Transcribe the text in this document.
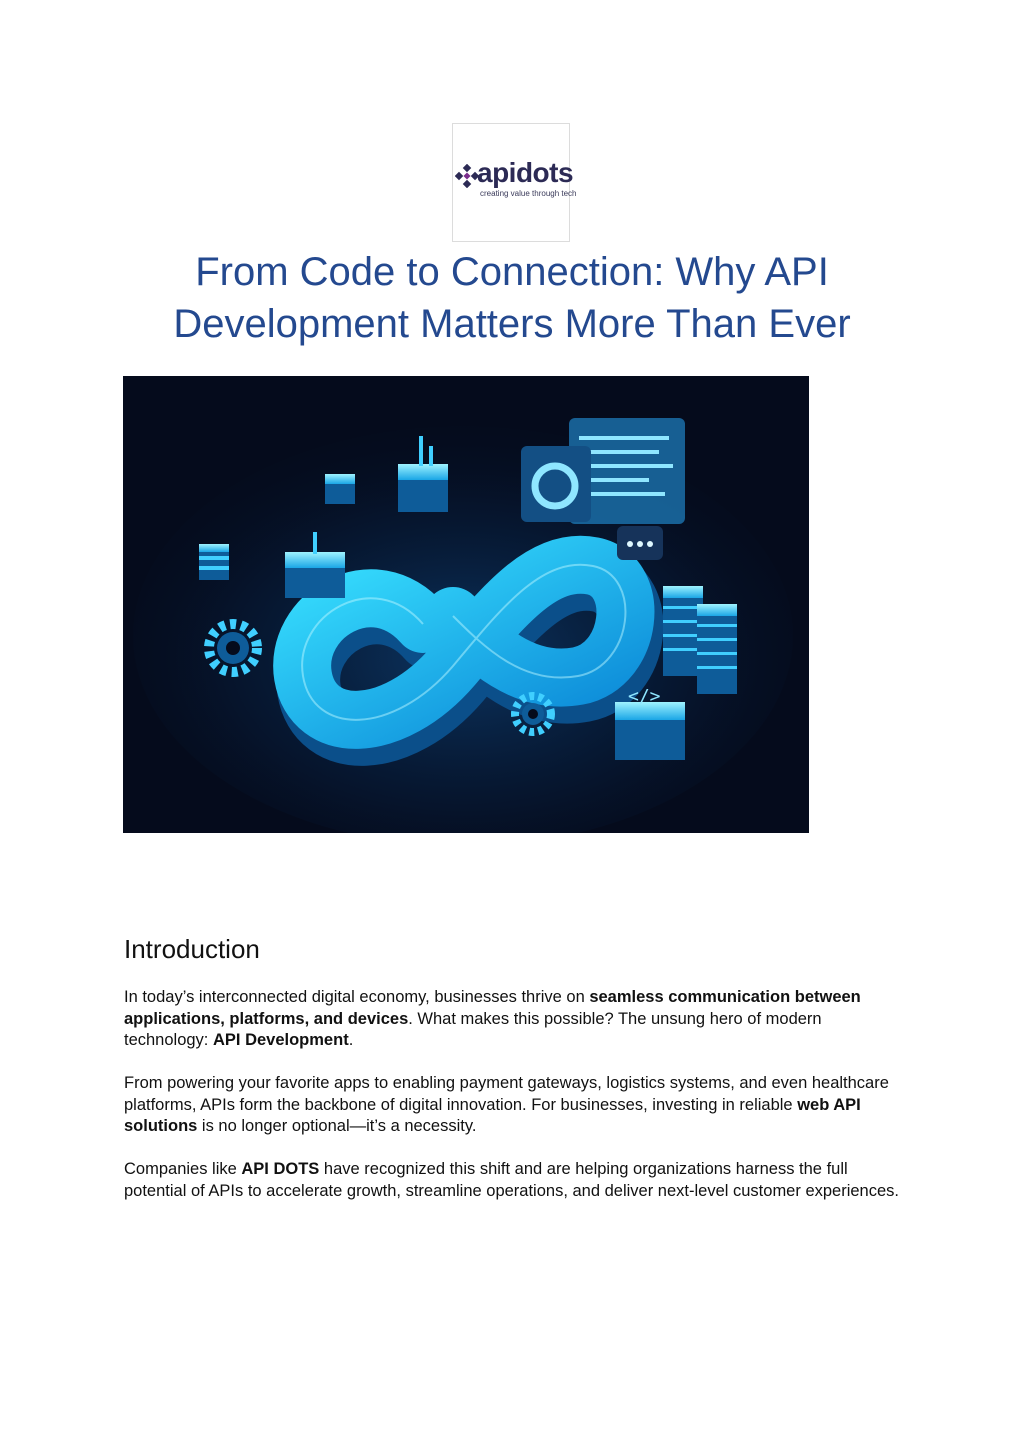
apidots
creating value through tech
From Code to Connection: Why API
Development Matters More Than Ever
</>
Introduction

In today’s interconnected digital economy, businesses thrive on seamless communication between applications, platforms, and devices. What makes this possible? The unsung hero of modern technology: API Development.

From powering your favorite apps to enabling payment gateways, logistics systems, and even healthcare platforms, APIs form the backbone of digital innovation. For businesses, investing in reliable web API solutions is no longer optional—it’s a necessity.

Companies like API DOTS have recognized this shift and are helping organizations harness the full potential of APIs to accelerate growth, streamline operations, and deliver next-level customer experiences.
